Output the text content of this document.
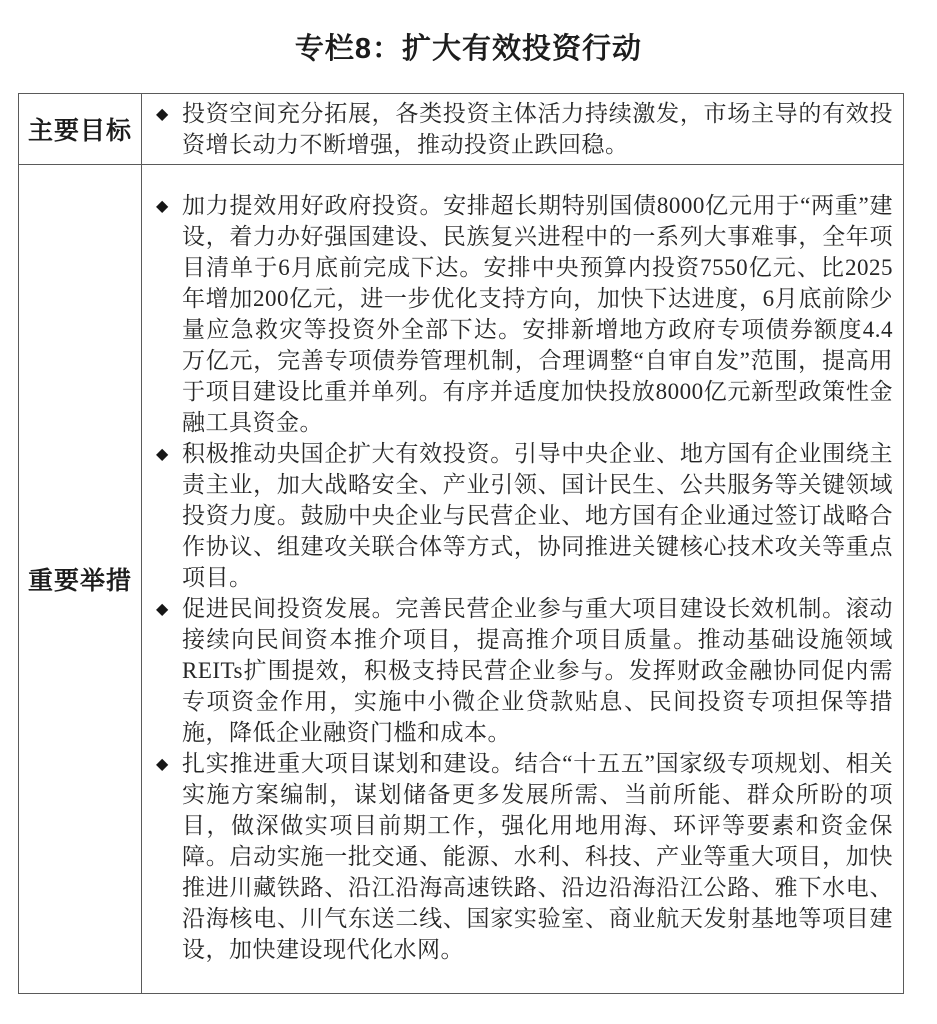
专栏8：扩大有效投资行动
主要目标
◆ 投资空间充分拓展，各类投资主体活力持续激发，市场主导的有效投资增长动力不断增强，推动投资止跌回稳。
重要举措
◆ 加力提效用好政府投资。安排超长期特别国债8000亿元用于“两重”建设，着力办好强国建设、民族复兴进程中的一系列大事难事，全年项目清单于6月底前完成下达。安排中央预算内投资7550亿元、比2025年增加200亿元，进一步优化支持方向，加快下达进度，6月底前除少量应急救灾等投资外全部下达。安排新增地方政府专项债券额度4.4万亿元，完善专项债券管理机制，合理调整“自审自发”范围，提高用于项目建设比重并单列。有序并适度加快投放8000亿元新型政策性金融工具资金。
◆ 积极推动央国企扩大有效投资。引导中央企业、地方国有企业围绕主责主业，加大战略安全、产业引领、国计民生、公共服务等关键领域投资力度。鼓励中央企业与民营企业、地方国有企业通过签订战略合作协议、组建攻关联合体等方式，协同推进关键核心技术攻关等重点项目。
◆ 促进民间投资发展。完善民营企业参与重大项目建设长效机制。滚动接续向民间资本推介项目，提高推介项目质量。推动基础设施领域REITs扩围提效，积极支持民营企业参与。发挥财政金融协同促内需专项资金作用，实施中小微企业贷款贴息、民间投资专项担保等措施，降低企业融资门槛和成本。
◆ 扎实推进重大项目谋划和建设。结合“十五五”国家级专项规划、相关实施方案编制，谋划储备更多发展所需、当前所能、群众所盼的项目，做深做实项目前期工作，强化用地用海、环评等要素和资金保障。启动实施一批交通、能源、水利、科技、产业等重大项目，加快推进川藏铁路、沿江沿海高速铁路、沿边沿海沿江公路、雅下水电、沿海核电、川气东送二线、国家实验室、商业航天发射基地等项目建设，加快建设现代化水网。
